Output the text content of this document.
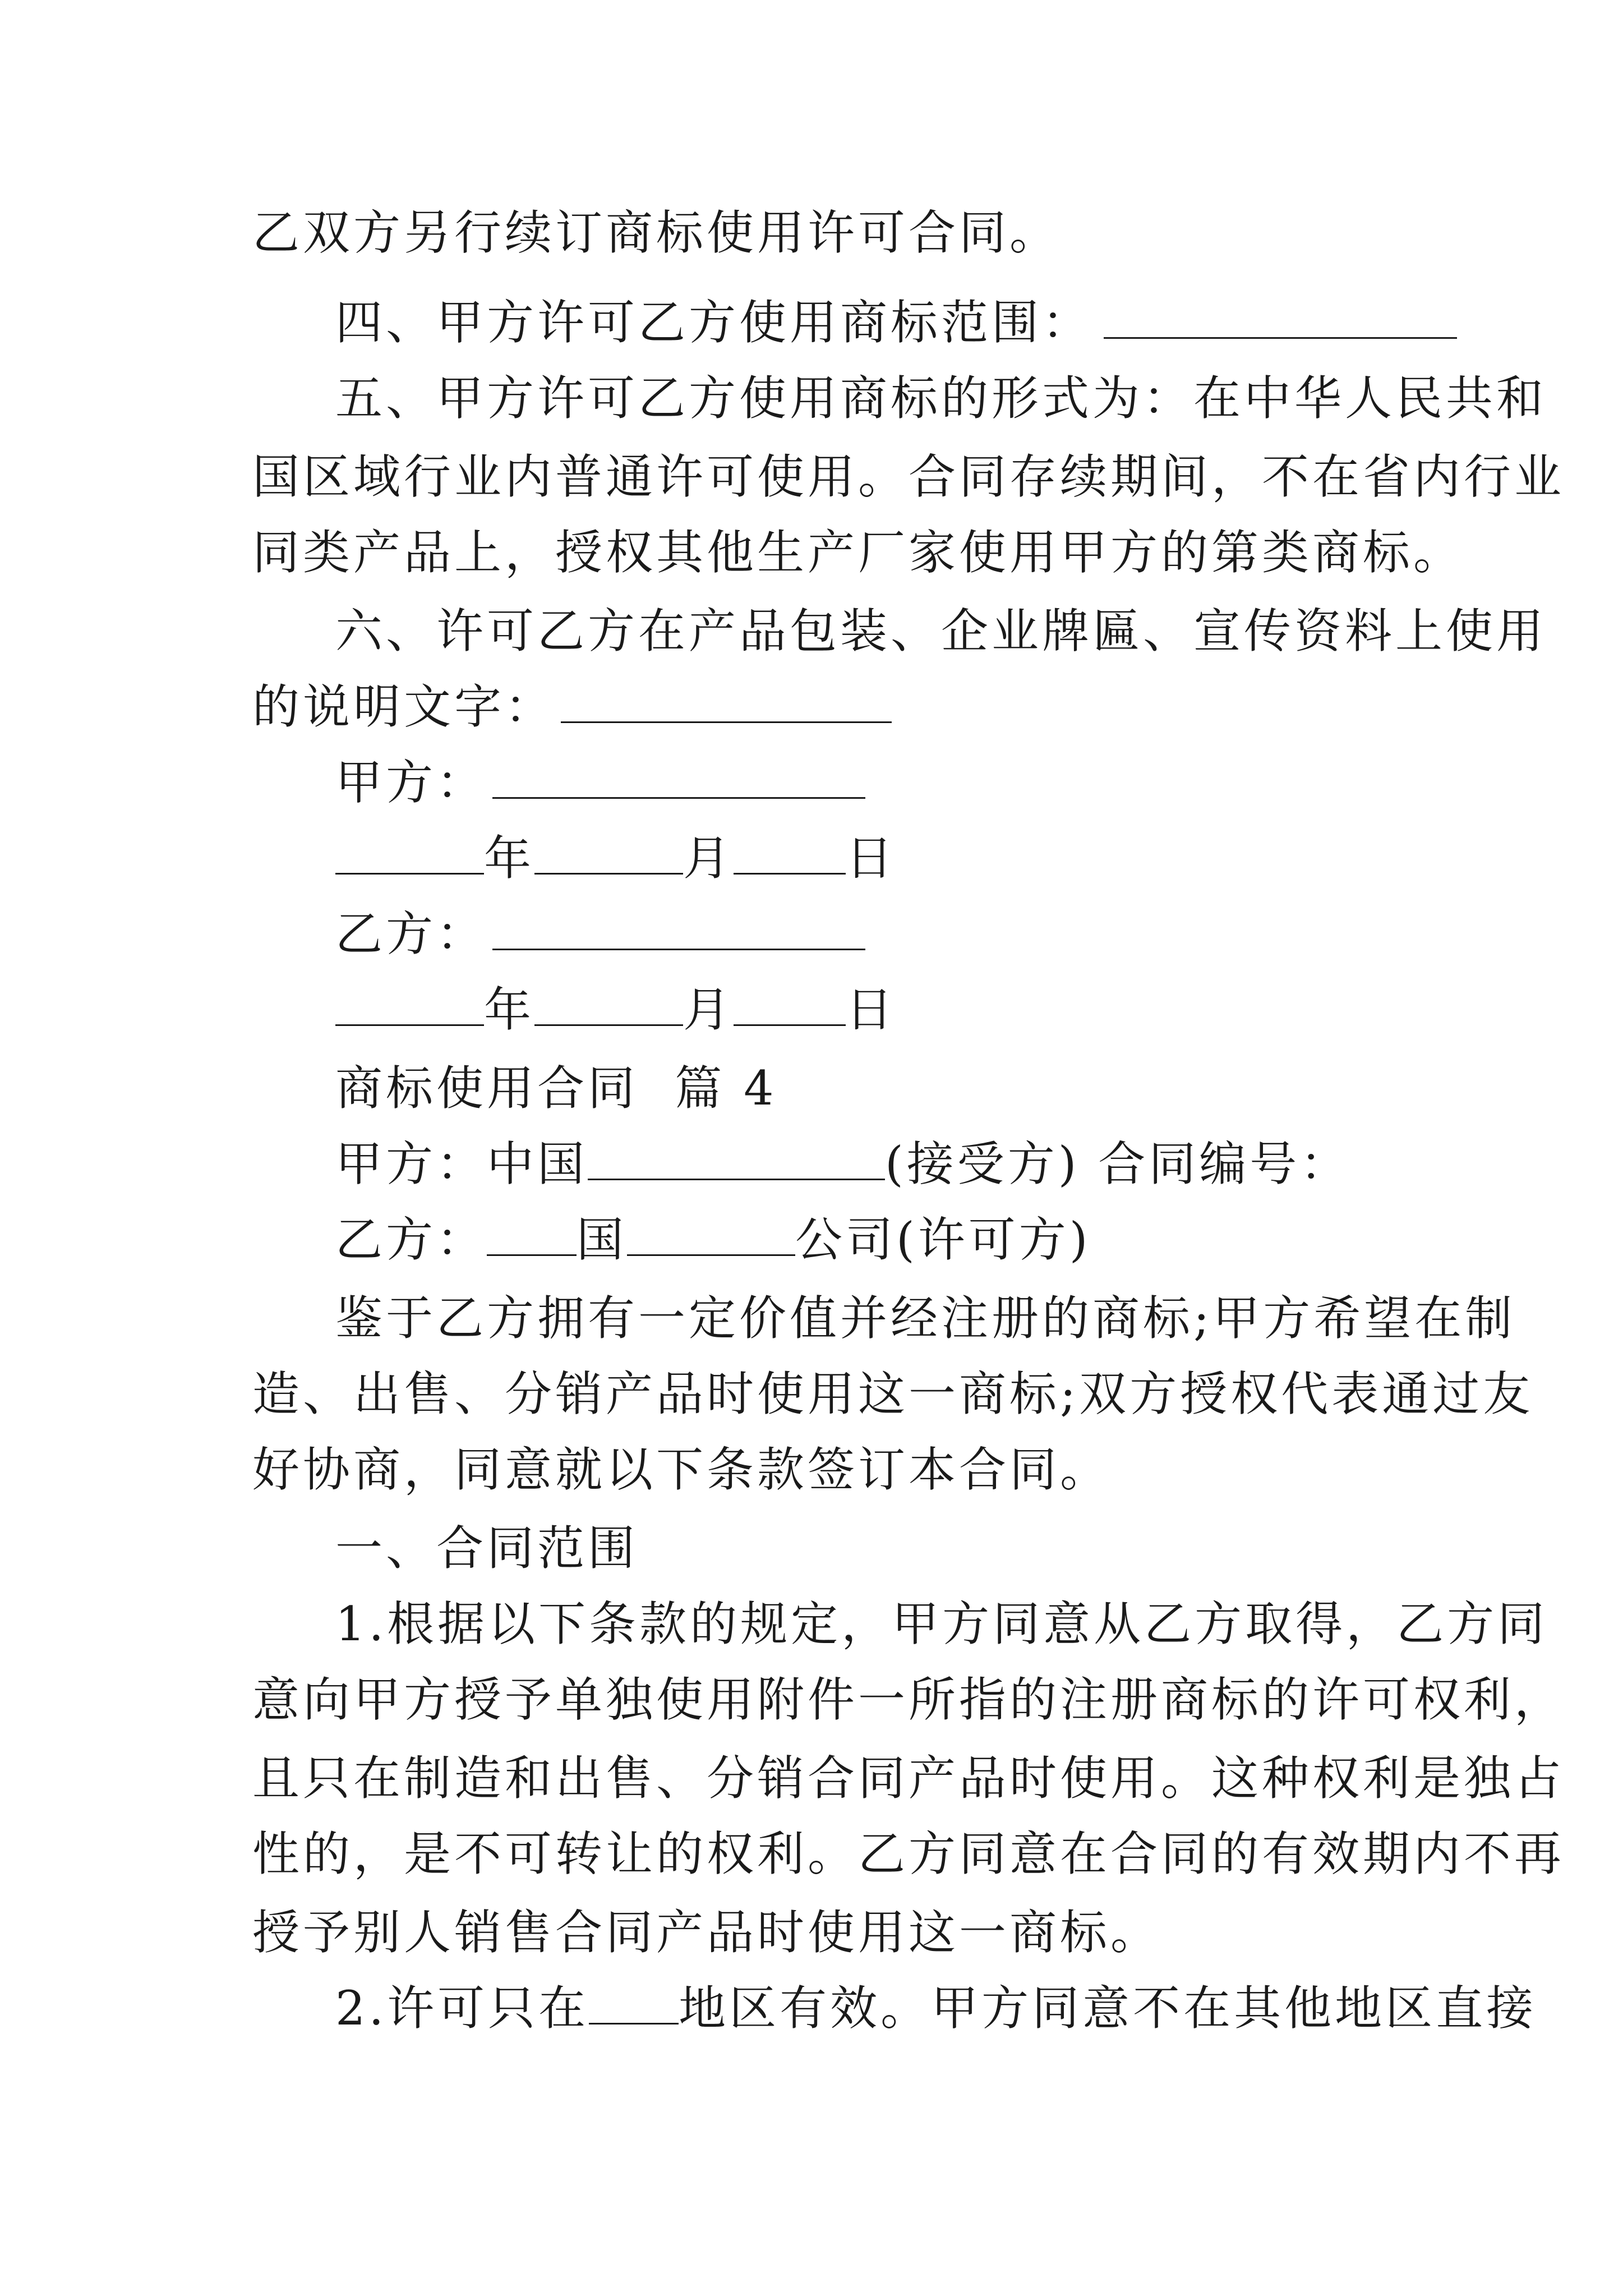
乙双方另行续订商标使用许可合同。
四、甲方许可乙方使用商标范围：
五、甲方许可乙方使用商标的形式为：在中华人民共和
国区域行业内普通许可使用。合同存续期间，不在省内行业
同类产品上，授权其他生产厂家使用甲方的第类商标。
六、许可乙方在产品包装、企业牌匾、宣传资料上使用
的说明文字：
甲方：
年	月 日
乙方：
年	月 日
商标使用合同  篇 4
甲方：中国	(接受方) 合同编号：
乙方： 国	公司(许可方)
鉴于乙方拥有一定价值并经注册的商标;甲方希望在制
造、出售、分销产品时使用这一商标;双方授权代表通过友
好协商，同意就以下条款签订本合同。
一、合同范围
1.根据以下条款的规定，甲方同意从乙方取得，乙方同
意向甲方授予单独使用附件一所指的注册商标的许可权利，
且只在制造和出售、分销合同产品时使用。这种权利是独占
性的，是不可转让的权利。乙方同意在合同的有效期内不再
授予别人销售合同产品时使用这一商标。
2.许可只在 地区有效。甲方同意不在其他地区直接
